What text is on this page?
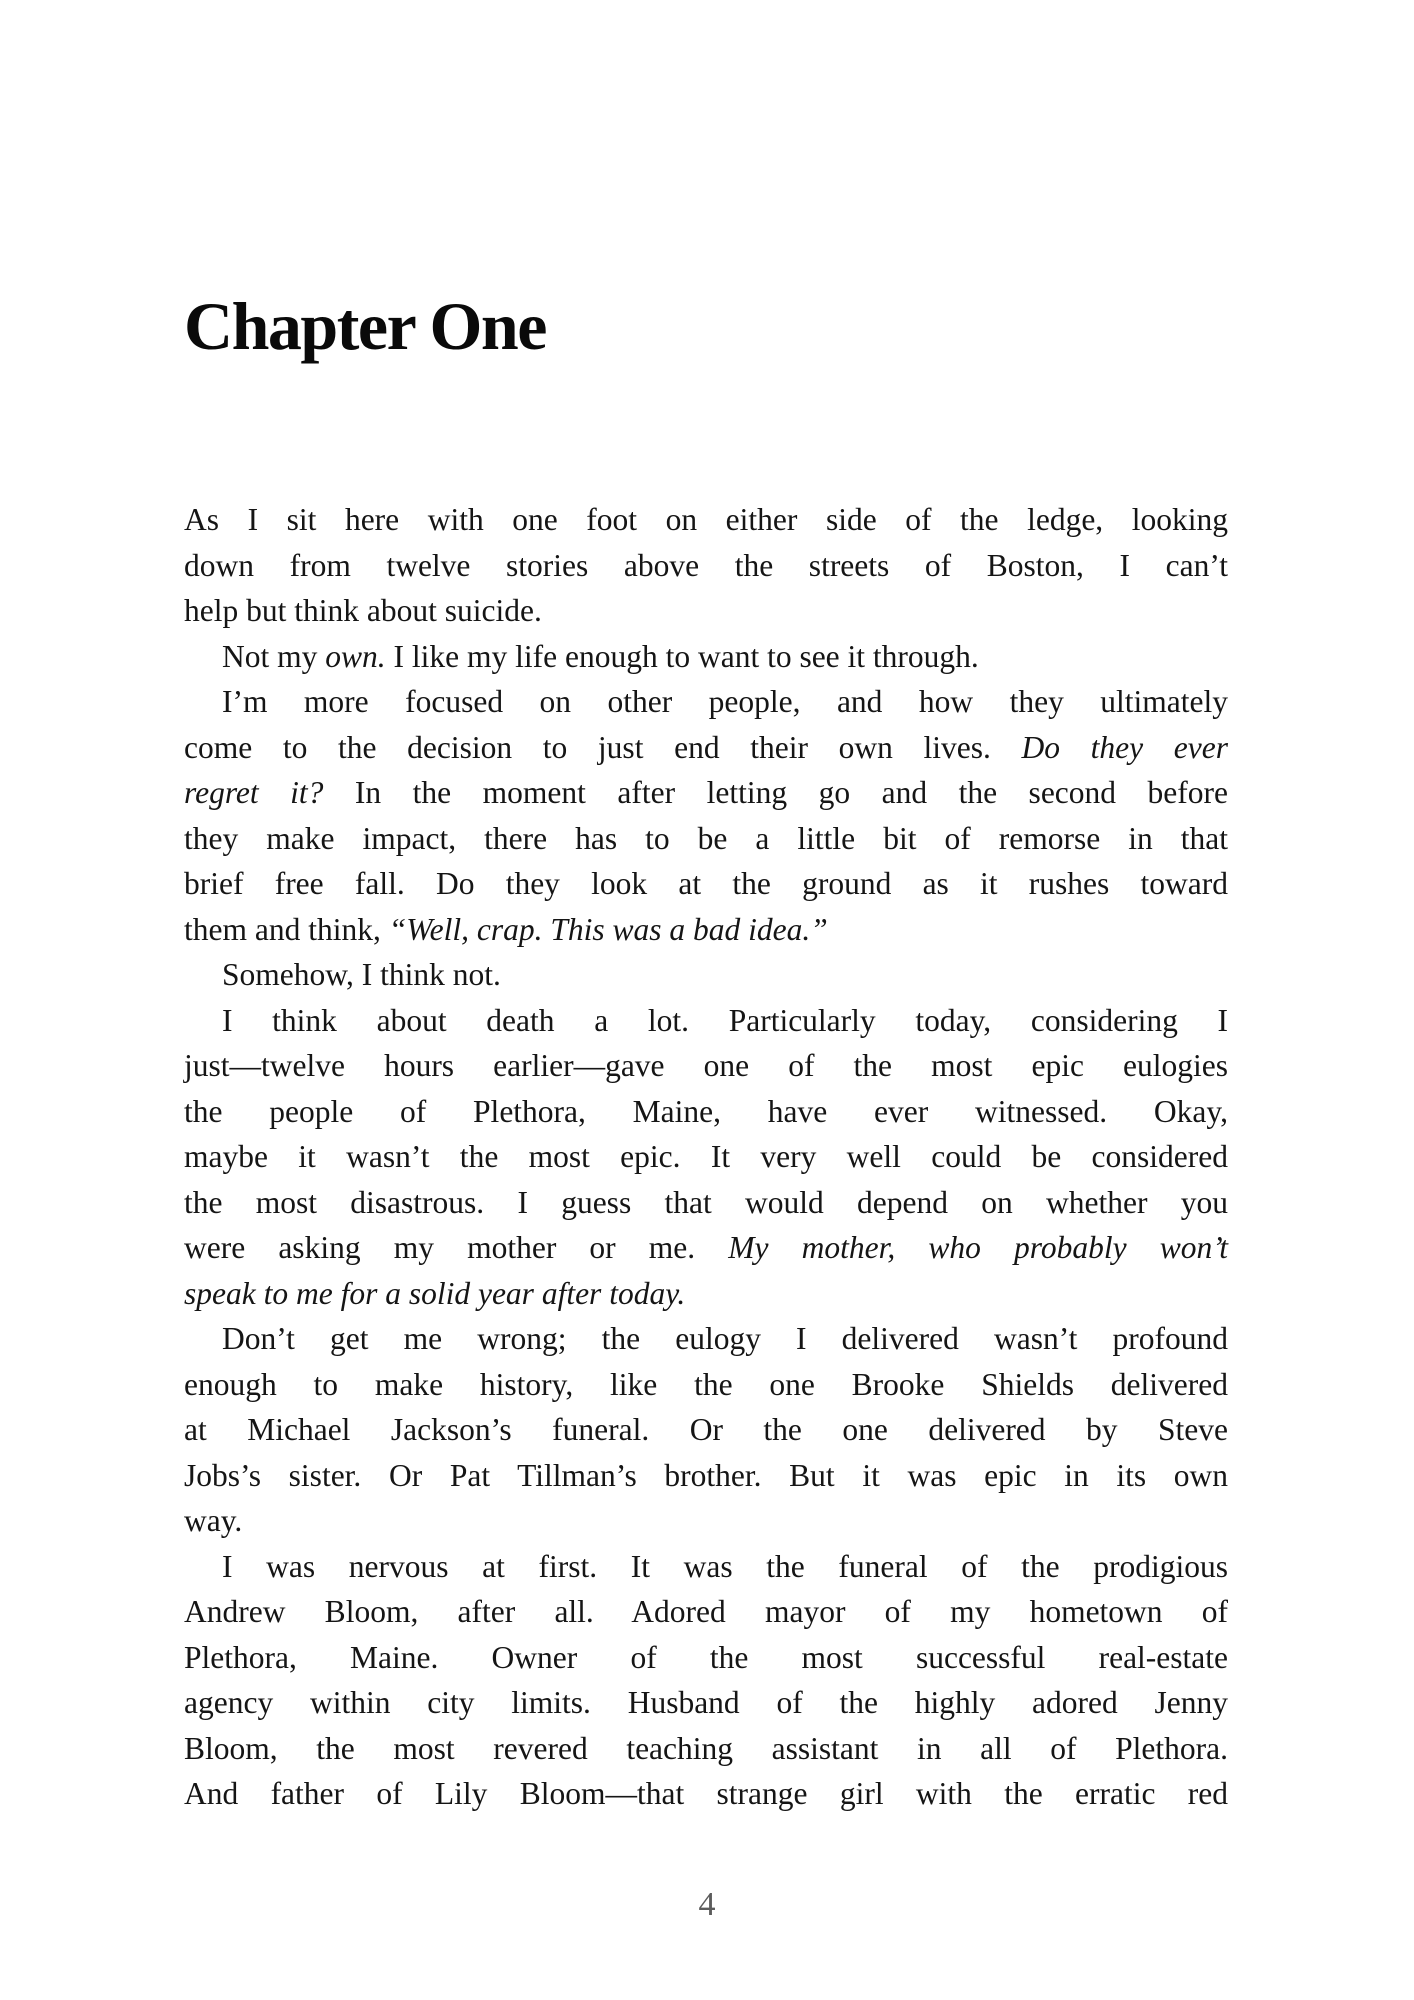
Chapter One
As I sit here with one foot on either side of the ledge, looking
down from twelve stories above the streets of Boston, I can’t
help but think about suicide.
Not my own. I like my life enough to want to see it through.
I’m more focused on other people, and how they ultimately
come to the decision to just end their own lives. Do they ever
regret it? In the moment after letting go and the second before
they make impact, there has to be a little bit of remorse in that
brief free fall. Do they look at the ground as it rushes toward
them and think, “Well, crap. This was a bad idea.”
Somehow, I think not.
I think about death a lot. Particularly today, considering I
just—twelve hours earlier—gave one of the most epic eulogies
the people of Plethora, Maine, have ever witnessed. Okay,
maybe it wasn’t the most epic. It very well could be considered
the most disastrous. I guess that would depend on whether you
were asking my mother or me. My mother, who probably won’t
speak to me for a solid year after today.
Don’t get me wrong; the eulogy I delivered wasn’t profound
enough to make history, like the one Brooke Shields delivered
at Michael Jackson’s funeral. Or the one delivered by Steve
Jobs’s sister. Or Pat Tillman’s brother. But it was epic in its own
way.
I was nervous at first. It was the funeral of the prodigious
Andrew Bloom, after all. Adored mayor of my hometown of
Plethora, Maine. Owner of the most successful real-estate
agency within city limits. Husband of the highly adored Jenny
Bloom, the most revered teaching assistant in all of Plethora.
And father of Lily Bloom—that strange girl with the erratic red
4
